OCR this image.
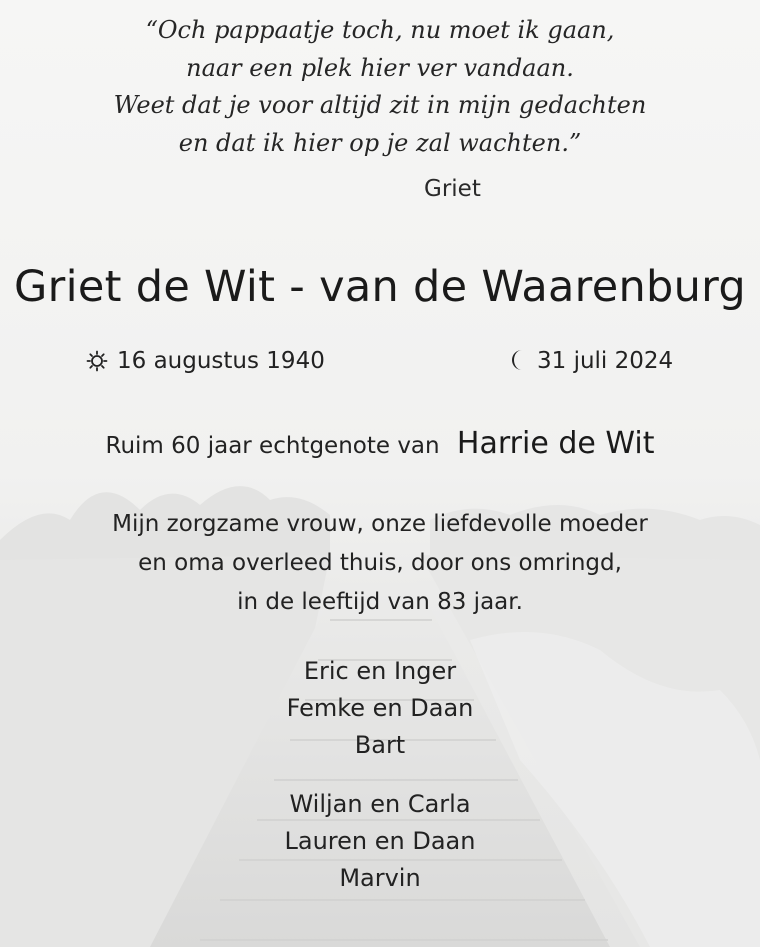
“Och pappaatje toch, nu moet ik gaan,
naar een plek hier ver vandaan.
Weet dat je voor altijd zit in mijn gedachten
en dat ik hier op je zal wachten.”
Griet
Griet de Wit - van de Waarenburg
16 augustus 1940	31 juli 2024
Ruim 60 jaar echtgenote van Harrie de Wit
Mijn zorgzame vrouw, onze liefdevolle moeder
en oma overleed thuis, door ons omringd,
in de leeftijd van 83 jaar.
Eric en Inger
Femke en Daan
Bart
Wiljan en Carla
Lauren en Daan
Marvin
